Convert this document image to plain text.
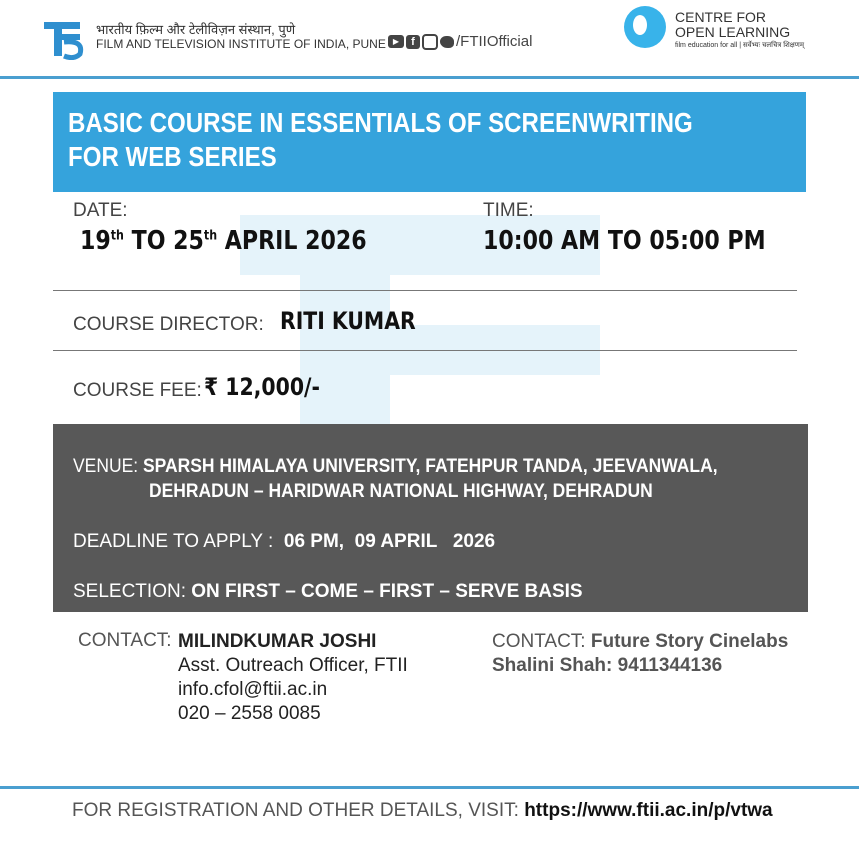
भारतीय फ़िल्म और टेलीविज़न संस्थान, पुणे
FILM AND TELEVISION INSTITUTE OF INDIA, PUNE ▶	f	/FTIIOfficial
CENTRE FOR
OPEN LEARNING
film education for all | सर्वेभ्यः चलचित्र शिक्षणम्
BASIC COURSE IN ESSENTIALS OF SCREENWRITING
FOR WEB SERIES
DATE:
19th TO 25th APRIL 2026
TIME:
10:00 AM TO 05:00 PM
COURSE DIRECTOR: RITI KUMAR
COURSE FEE: ₹ 12,000/-
VENUE: SPARSH HIMALAYA UNIVERSITY, FATEHPUR TANDA, JEEVANWALA,
DEHRADUN – HARIDWAR NATIONAL HIGHWAY, DEHRADUN
DEADLINE TO APPLY : 06 PM,  09 APRIL   2026
SELECTION: ON FIRST – COME – FIRST – SERVE BASIS
CONTACT: MILINDKUMAR JOSHI
Asst. Outreach Officer, FTII
info.cfol@ftii.ac.in
020 – 2558 0085
CONTACT: Future Story Cinelabs
Shalini Shah: 9411344136
FOR REGISTRATION AND OTHER DETAILS, VISIT: https://www.ftii.ac.in/p/vtwa
